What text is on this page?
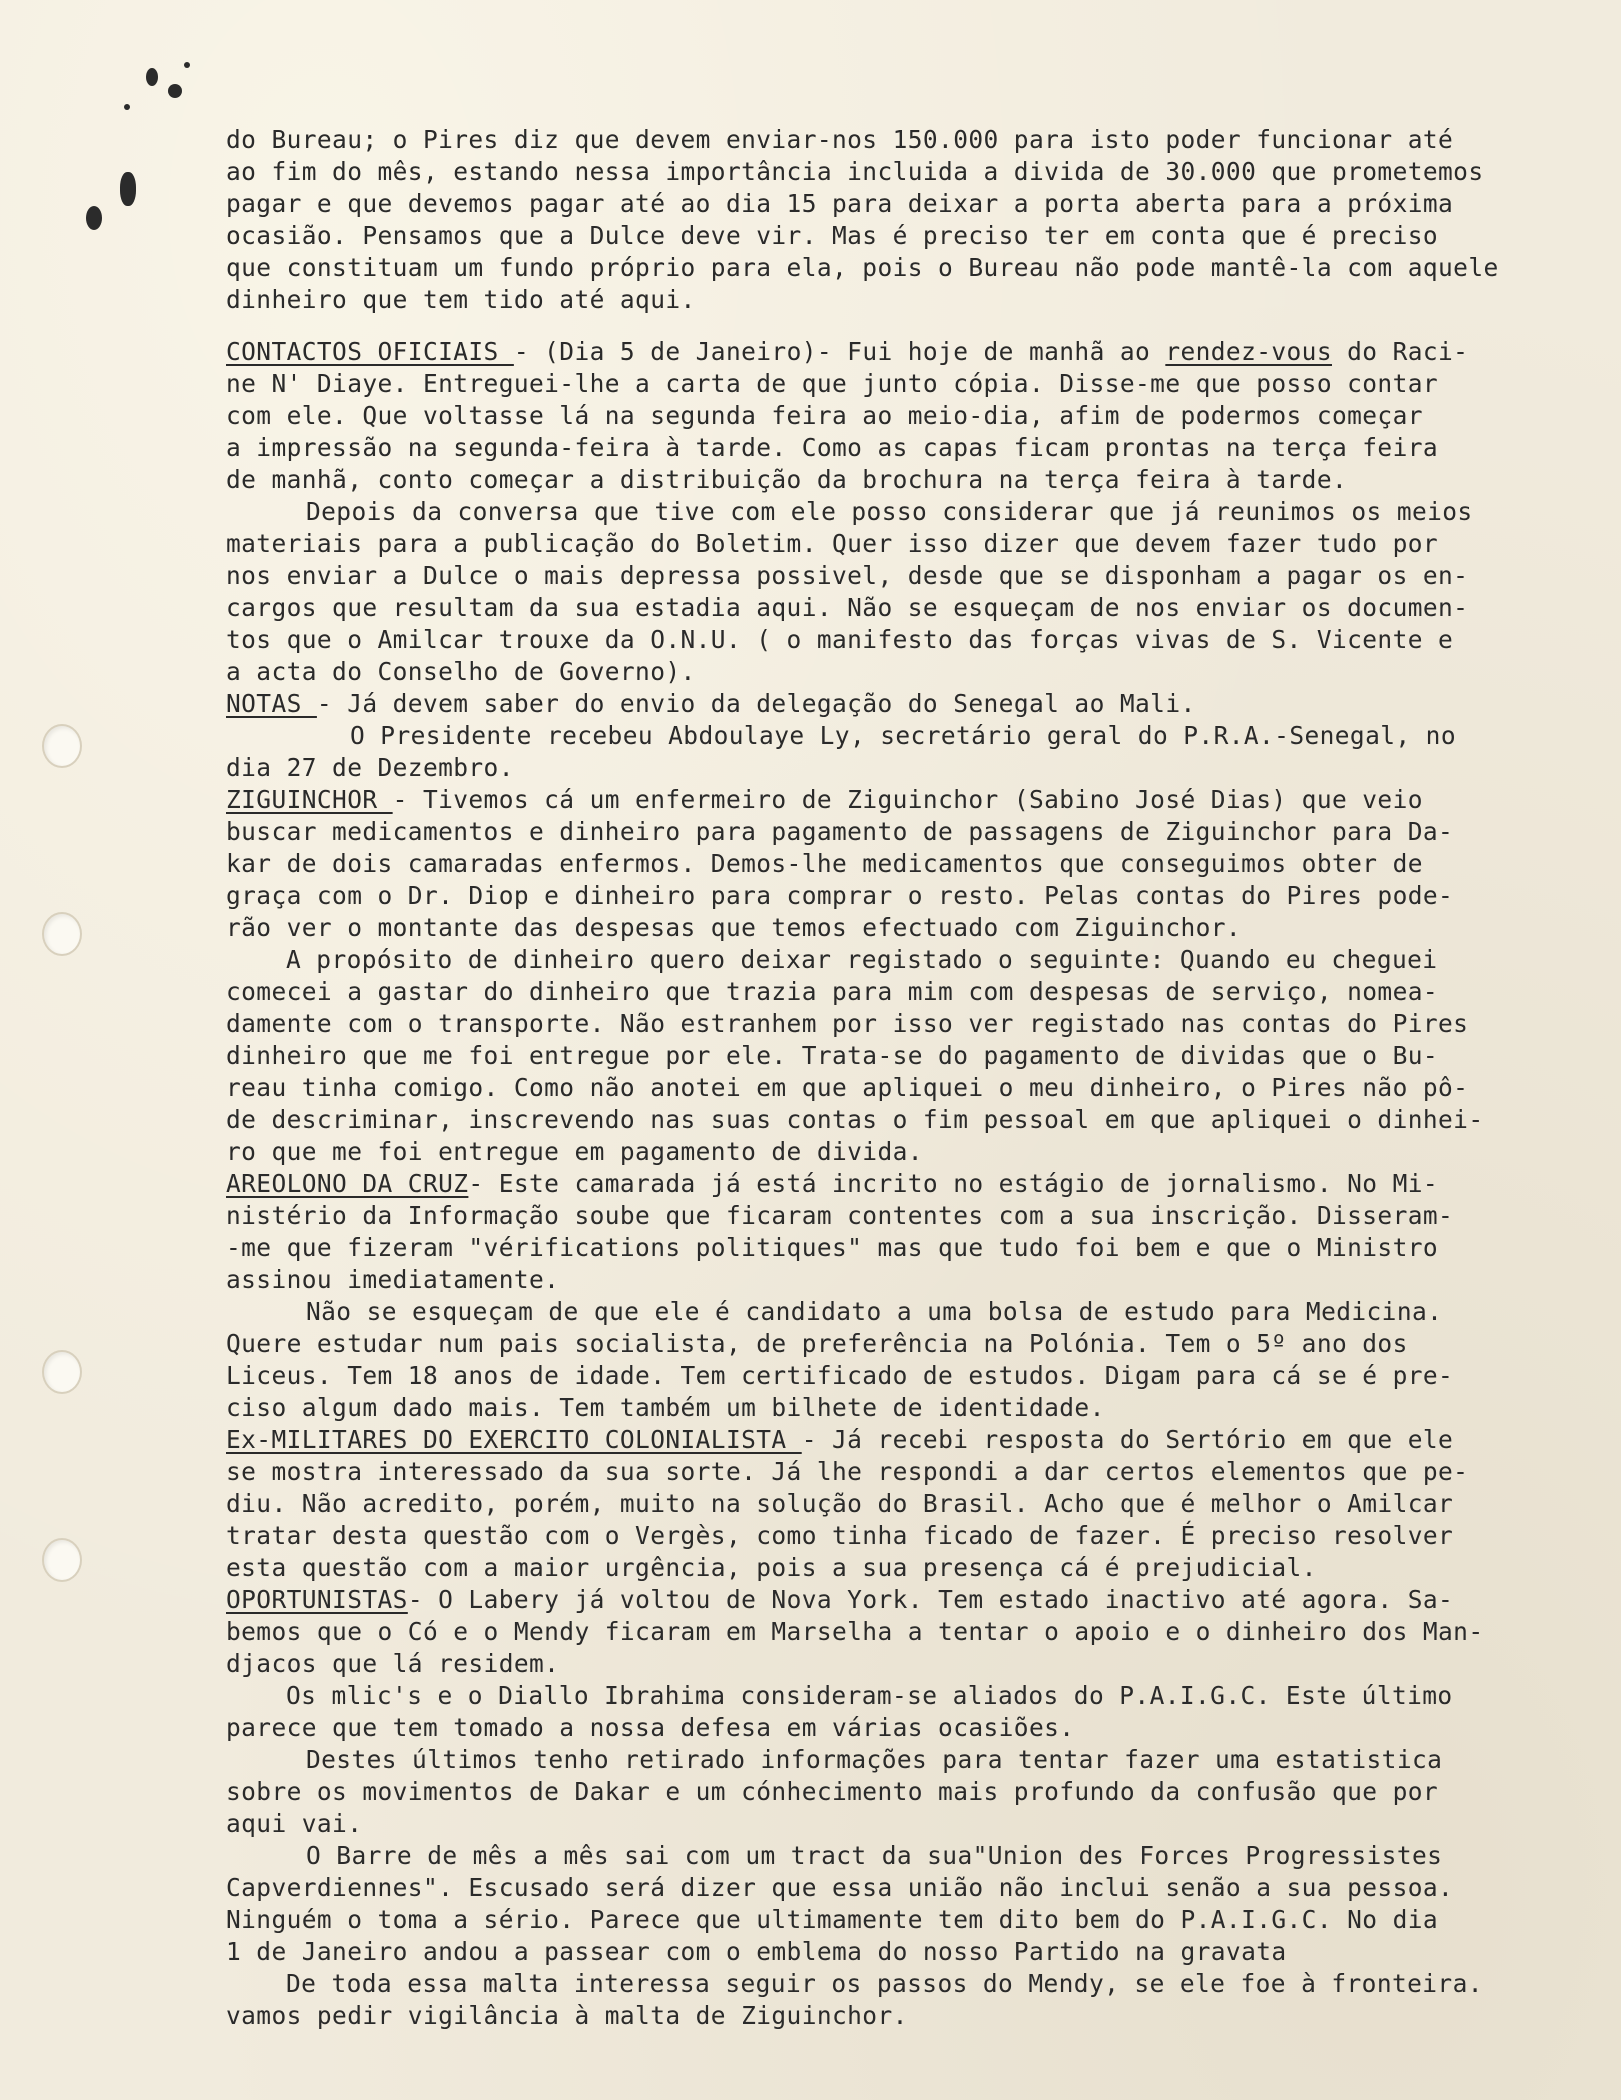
do Bureau; o Pires diz que devem enviar-nos 150.000 para isto poder funcionar até
ao fim do mês, estando nessa importância incluida a divida de 30.000 que prometemos
pagar e que devemos pagar até ao dia 15 para deixar a porta aberta para a próxima
ocasião. Pensamos que a Dulce deve vir. Mas é preciso ter em conta que é preciso
que constituam um fundo próprio para ela, pois o Bureau não pode mantê-la com aquele
dinheiro que tem tido até aqui.
CONTACTOS OFICIAIS - (Dia 5 de Janeiro)- Fui hoje de manhã ao rendez-vous do Raci-
ne N' Diaye. Entreguei-lhe a carta de que junto cópia. Disse-me que posso contar
com ele. Que voltasse lá na segunda feira ao meio-dia, afim de podermos começar
a impressão na segunda-feira à tarde. Como as capas ficam prontas na terça feira
de manhã, conto começar a distribuição da brochura na terça feira à tarde.
Depois da conversa que tive com ele posso considerar que já reunimos os meios
materiais para a publicação do Boletim. Quer isso dizer que devem fazer tudo por
nos enviar a Dulce o mais depressa possivel, desde que se disponham a pagar os en-
cargos que resultam da sua estadia aqui. Não se esqueçam de nos enviar os documen-
tos que o Amilcar trouxe da O.N.U. ( o manifesto das forças vivas de S. Vicente e
a acta do Conselho de Governo).
NOTAS - Já devem saber do envio da delegação do Senegal ao Mali.
O Presidente recebeu Abdoulaye Ly, secretário geral do P.R.A.-Senegal, no
dia 27 de Dezembro.
ZIGUINCHOR - Tivemos cá um enfermeiro de Ziguinchor (Sabino José Dias) que veio
buscar medicamentos e dinheiro para pagamento de passagens de Ziguinchor para Da-
kar de dois camaradas enfermos. Demos-lhe medicamentos que conseguimos obter de
graça com o Dr. Diop e dinheiro para comprar o resto. Pelas contas do Pires pode-
rão ver o montante das despesas que temos efectuado com Ziguinchor.
A propósito de dinheiro quero deixar registado o seguinte: Quando eu cheguei
comecei a gastar do dinheiro que trazia para mim com despesas de serviço, nomea-
damente com o transporte. Não estranhem por isso ver registado nas contas do Pires
dinheiro que me foi entregue por ele. Trata-se do pagamento de dividas que o Bu-
reau tinha comigo. Como não anotei em que apliquei o meu dinheiro, o Pires não pô-
de descriminar, inscrevendo nas suas contas o fim pessoal em que apliquei o dinhei-
ro que me foi entregue em pagamento de divida.
AREOLONO DA CRUZ- Este camarada já está incrito no estágio de jornalismo. No Mi-
nistério da Informação soube que ficaram contentes com a sua inscrição. Disseram-
-me que fizeram "vérifications politiques" mas que tudo foi bem e que o Ministro
assinou imediatamente.
Não se esqueçam de que ele é candidato a uma bolsa de estudo para Medicina.
Quere estudar num pais socialista, de preferência na Polónia. Tem o 5º ano dos
Liceus. Tem 18 anos de idade. Tem certificado de estudos. Digam para cá se é pre-
ciso algum dado mais. Tem também um bilhete de identidade.
Ex-MILITARES DO EXERCITO COLONIALISTA - Já recebi resposta do Sertório em que ele
se mostra interessado da sua sorte. Já lhe respondi a dar certos elementos que pe-
diu. Não acredito, porém, muito na solução do Brasil. Acho que é melhor o Amilcar
tratar desta questão com o Vergès, como tinha ficado de fazer. É preciso resolver
esta questão com a maior urgência, pois a sua presença cá é prejudicial.
OPORTUNISTAS- O Labery já voltou de Nova York. Tem estado inactivo até agora. Sa-
bemos que o Có e o Mendy ficaram em Marselha a tentar o apoio e o dinheiro dos Man-
djacos que lá residem.
Os mlic's e o Diallo Ibrahima consideram-se aliados do P.A.I.G.C. Este último
parece que tem tomado a nossa defesa em várias ocasiões.
Destes últimos tenho retirado informações para tentar fazer uma estatistica
sobre os movimentos de Dakar e um cónhecimento mais profundo da confusão que por
aqui vai.
O Barre de mês a mês sai com um tract da sua"Union des Forces Progressistes
Capverdiennes". Escusado será dizer que essa união não inclui senão a sua pessoa.
Ninguém o toma a sério. Parece que ultimamente tem dito bem do P.A.I.G.C. No dia
1 de Janeiro andou a passear com o emblema do nosso Partido na gravata
De toda essa malta interessa seguir os passos do Mendy, se ele foe à fronteira.
vamos pedir vigilância à malta de Ziguinchor.
